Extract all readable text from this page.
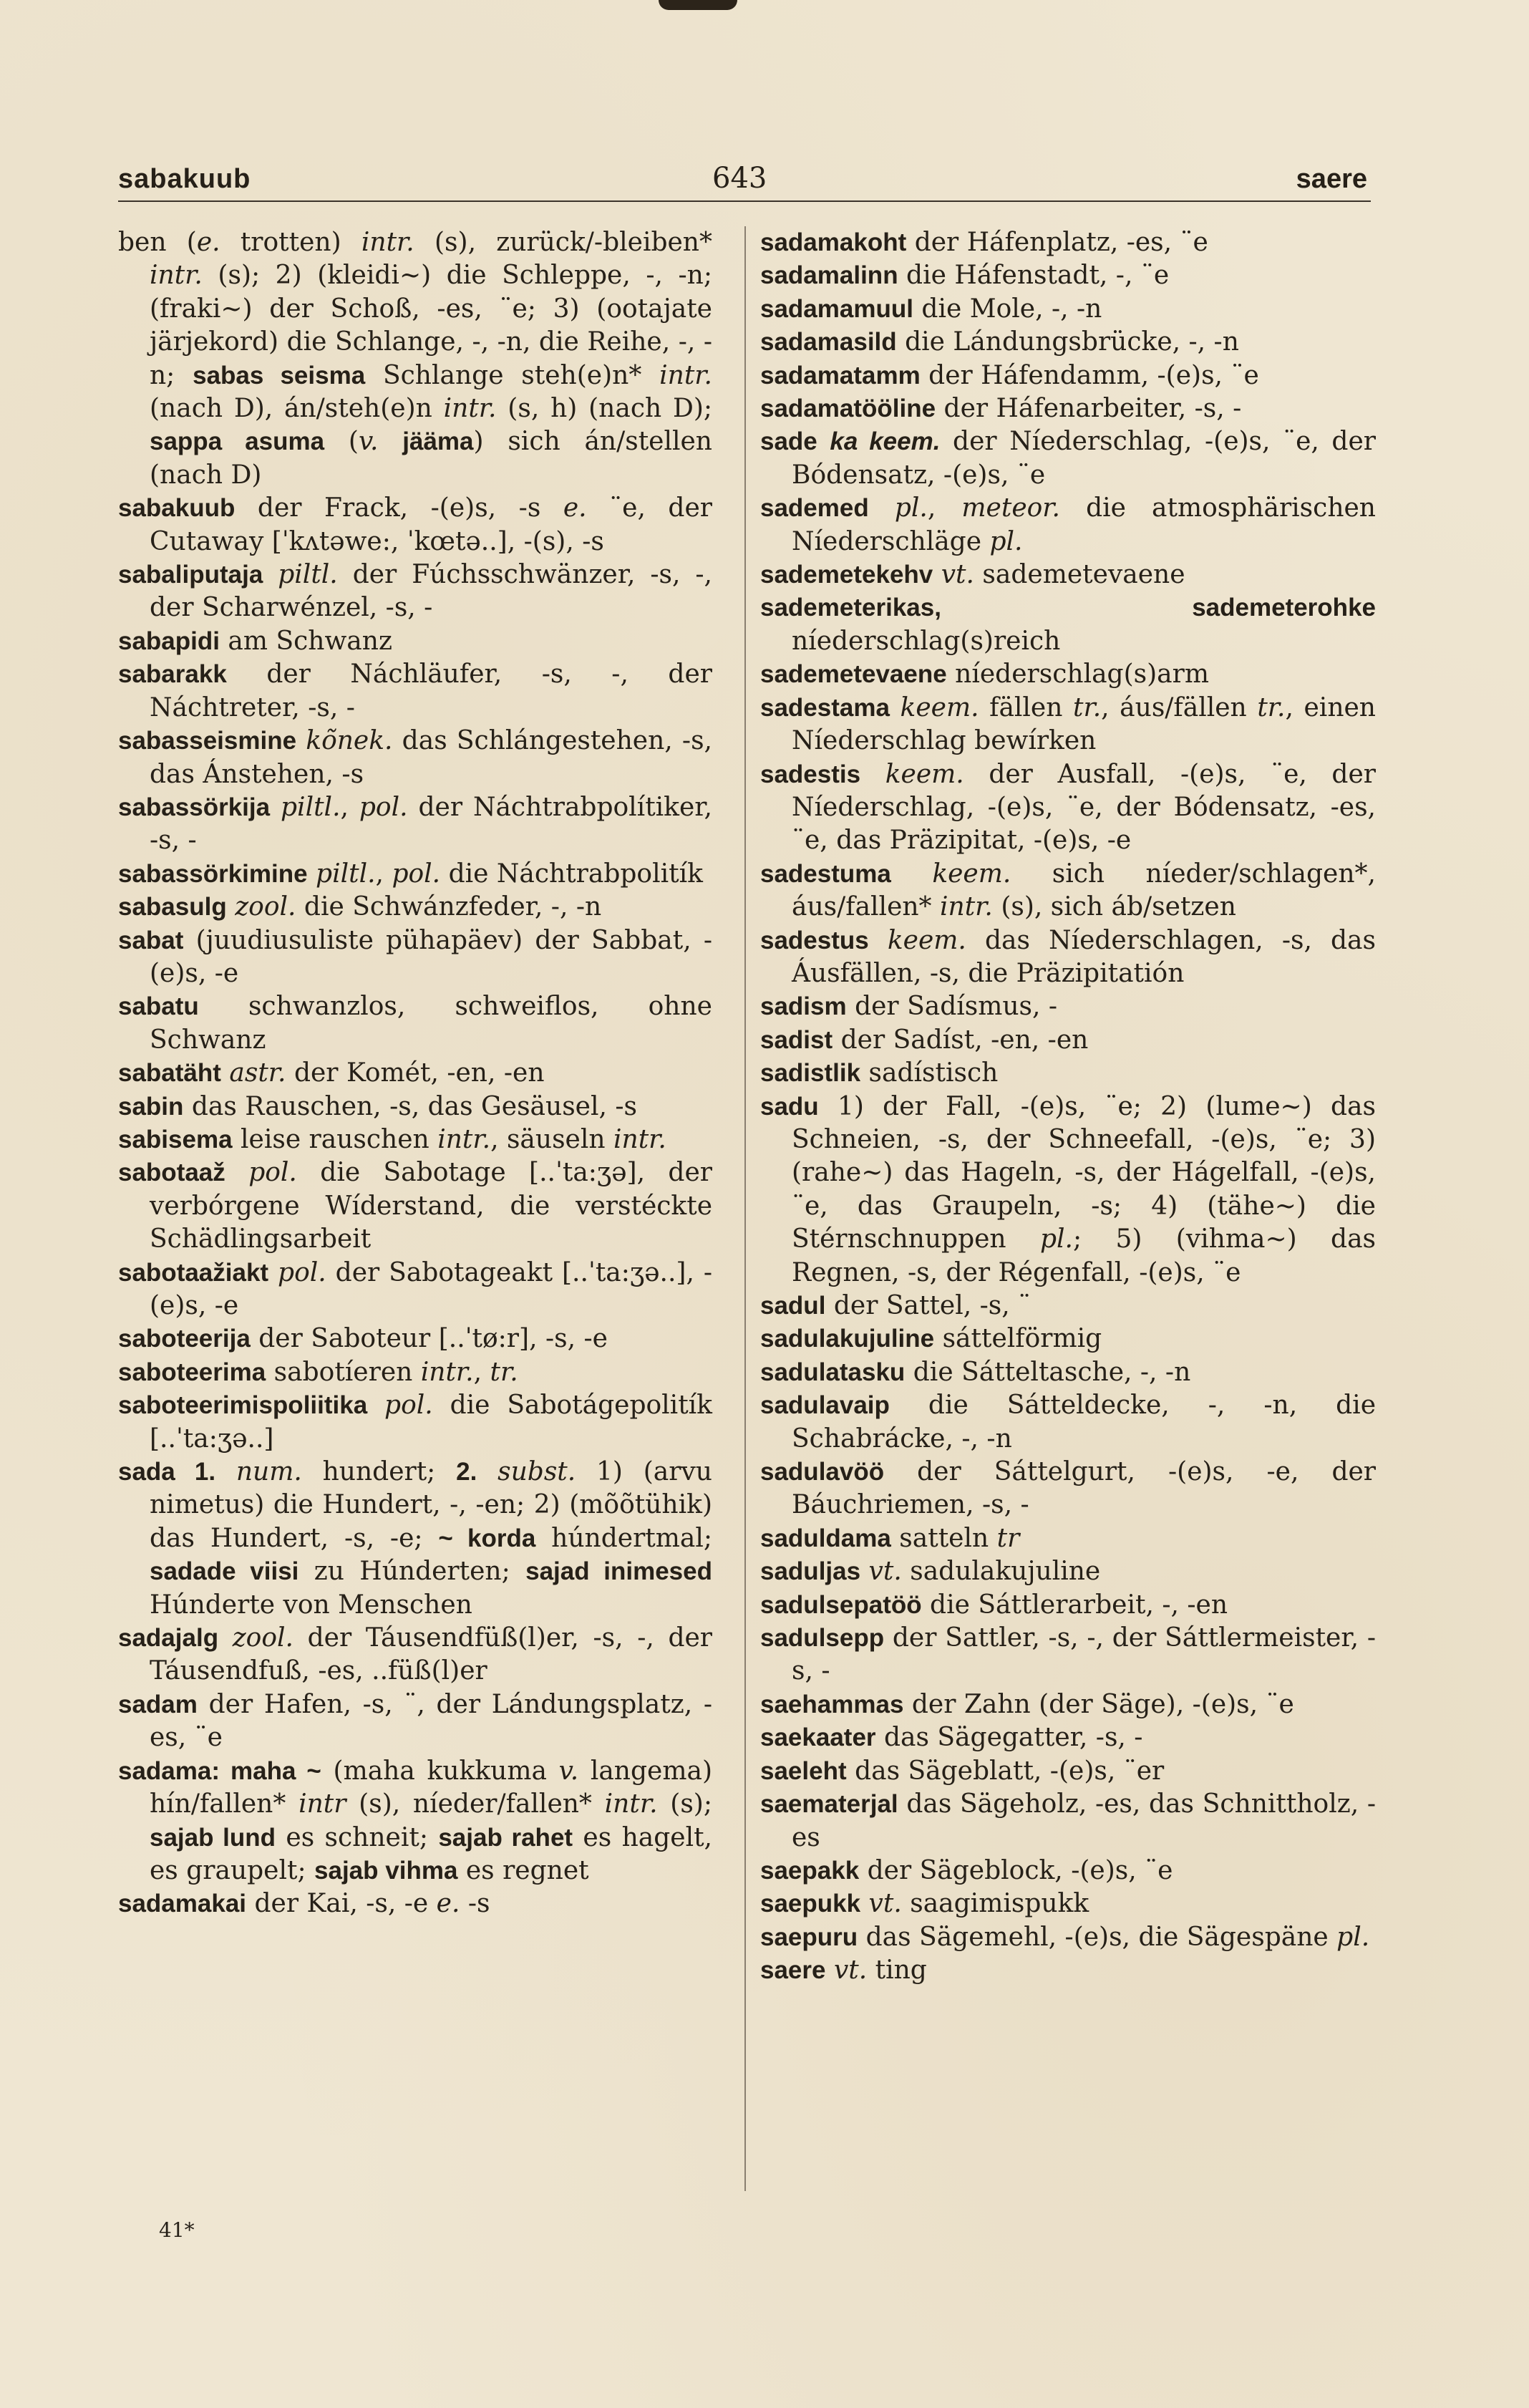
sabakuub	643	saere

ben (e. trotten) intr. (s), zurück/-bleiben* intr. (s); 2) (kleidi~) die Schleppe, -, -n; (fraki~) der Schoß, -es, ¨e; 3) (ootajate järjekord) die Schlange, -, -n, die Reihe, -, -n; sabas seisma Schlange steh(e)n* intr. (nach D), án/steh(e)n intr. (s, h) (nach D); sappa asuma (v. jääma) sich án/stellen (nach D)

sabakuub der Frack, -(e)s, -s e. ¨e, der Cutaway [ˈkʌtəwe:, ˈkœtə..], -(s), -s

sabaliputaja piltl. der Fúchsschwänzer, -s, -, der Scharwénzel, -s, -

sabapidi am Schwanz

sabarakk der Náchläufer, -s, -, der Náchtreter, -s, -

sabasseismine kõnek. das Schlángestehen, -s, das Ánstehen, -s

sabassörkija piltl., pol. der Náchtrabpolítiker, -s, -

sabassörkimine piltl., pol. die Náchtrabpolitík

sabasulg zool. die Schwánzfeder, -, -n

sabat (juudiusuliste pühapäev) der Sabbat, -(e)s, -e

sabatu schwanzlos, schweiflos, ohne Schwanz

sabatäht astr. der Komét, -en, -en

sabin das Rauschen, -s, das Gesäusel, -s

sabisema leise rauschen intr., säuseln intr.

sabotaaž pol. die Sabotage [..ˈta:ʒə], der verbórgene Wíderstand, die verstéckte Schädlingsarbeit

sabotaažiakt pol. der Sabotageakt [..ˈta:ʒə..], -(e)s, -e

saboteerija der Saboteur [..ˈtø:r], -s, -e

saboteerima sabotíeren intr., tr.

saboteerimispoliitika pol. die Sabotágepolitík [..ˈta:ʒə..]

sada 1. num. hundert; 2. subst. 1) (arvu nimetus) die Hundert, -, -en; 2) (mõõtühik) das Hundert, -s, -e; ~ korda húndertmal; sadade viisi zu Húnderten; sajad inimesed Húnderte von Menschen

sadajalg zool. der Táusendfüß(l)er, -s, -, der Táusendfuß, -es, ..füß(l)er

sadam der Hafen, -s, ¨, der Lándungsplatz, -es, ¨e

sadama: maha ~ (maha kukkuma v. langema) hín/fallen* intr (s), níeder/fallen* intr. (s); sajab lund es schneit; sajab rahet es hagelt, es graupelt; sajab vihma es regnet

sadamakai der Kai, -s, -e e. -s

sadamakoht der Háfenplatz, -es, ¨e

sadamalinn die Háfenstadt, -, ¨e

sadamamuul die Mole, -, -n

sadamasild die Lándungsbrücke, -, -n

sadamatamm der Háfendamm, -(e)s, ¨e

sadamatööline der Háfenarbeiter, -s, -

sade ka keem. der Níederschlag, -(e)s, ¨e, der Bódensatz, -(e)s, ¨e

sademed pl., meteor. die atmosphärischen Níederschläge pl.

sademetekehv vt. sademetevaene

sademeterikas, sademeterohke níederschlag(s)reich

sademetevaene níederschlag(s)arm

sadestama keem. fällen tr., áus/fällen tr., einen Níederschlag bewírken

sadestis keem. der Ausfall, -(e)s, ¨e, der Níederschlag, -(e)s, ¨e, der Bódensatz, -es, ¨e, das Präzipitat, -(e)s, -e

sadestuma keem. sich níeder/schlagen*, áus/fallen* intr. (s), sich áb/setzen

sadestus keem. das Níederschlagen, -s, das Áusfällen, -s, die Präzipitatión

sadism der Sadísmus, -

sadist der Sadíst, -en, -en

sadistlik sadístisch

sadu 1) der Fall, -(e)s, ¨e; 2) (lume~) das Schneien, -s, der Schneefall, -(e)s, ¨e; 3) (rahe~) das Hageln, -s, der Hágelfall, -(e)s, ¨e, das Graupeln, -s; 4) (tähe~) die Stérnschnuppen pl.; 5) (vihma~) das Regnen, -s, der Régenfall, -(e)s, ¨e

sadul der Sattel, -s, ¨

sadulakujuline sáttelförmig

sadulatasku die Sátteltasche, -, -n

sadulavaip die Sátteldecke, -, -n, die Schabrácke, -, -n

sadulavöö der Sáttelgurt, -(e)s, -e, der Báuchriemen, -s, -

saduldama satteln tr

saduljas vt. sadulakujuline

sadulsepatöö die Sáttlerarbeit, -, -en

sadulsepp der Sattler, -s, -, der Sáttlermeister, -s, -

saehammas der Zahn (der Säge), -(e)s, ¨e

saekaater das Sägegatter, -s, -

saeleht das Sägeblatt, -(e)s, ¨er

saematerjal das Sägeholz, -es, das Schnittholz, -es

saepakk der Sägeblock, -(e)s, ¨e

saepukk vt. saagimispukk

saepuru das Sägemehl, -(e)s, die Sägespäne pl.

saere vt. ting

41*
